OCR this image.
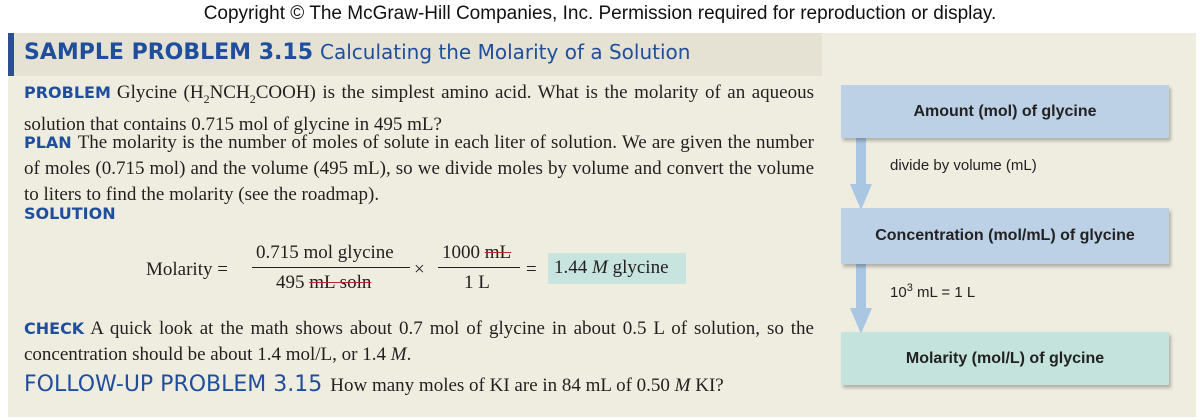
Copyright © The McGraw-Hill Companies, Inc. Permission required for reproduction or display.
SAMPLE PROBLEM 3.15 Calculating the Molarity of a Solution
PROBLEM Glycine $(H_2NCH_2COOH)$ is the simplest amino acid. What is the molarity of an aqueous solution that contains 0.715 mol of glycine in 495 mL?
PLAN The molarity is the number of moles of solute in each liter of solution. We are given the number of moles (0.715 mol) and the volume (495 mL), so we divide moles by volume and convert the volume to liters to find the molarity (see the roadmap).
SOLUTION
Molarity =
0.715 mol glycine
495 mL soln
×
1000 mL
1 L
= 1.44 M glycine
CHECK A quick look at the math shows about 0.7 mol of glycine in about 0.5 L of solution, so the concentration should be about 1.4 mol/L, or 1.4 M.
FOLLOW-UP PROBLEM 3.15 How many moles of KI are in 84 mL of 0.50 M KI?
Amount (mol) of glycine
divide by volume (mL)
Concentration (mol/mL) of glycine
$10^3$ mL = 1 L
Molarity (mol/L) of glycine
